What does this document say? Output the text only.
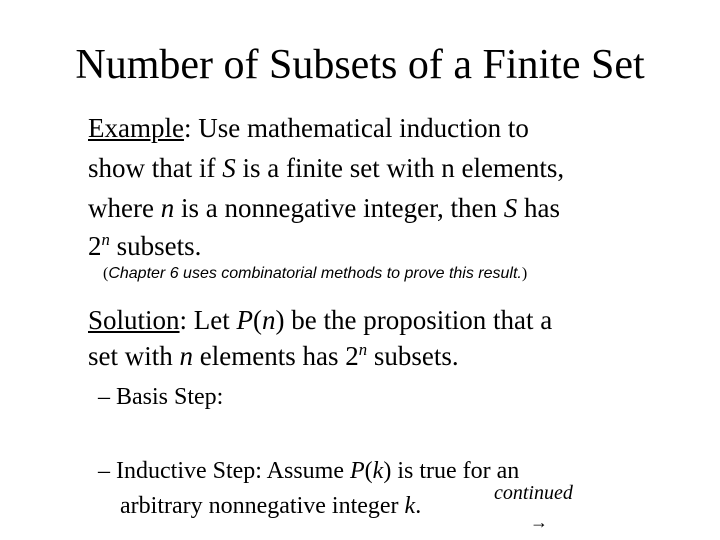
Number of Subsets of a Finite Set
Example: Use mathematical induction to
show that if S is a finite set with n elements,
where n is a nonnegative integer, then S has
2$^n$ subsets.
(Chapter 6 uses combinatorial methods to prove this result.)
Solution: Let P(n) be the proposition that a
set with n elements has 2$^n$ subsets.
– Basis Step:
– Inductive Step: Assume P(k) is true for an
arbitrary nonnegative integer k.	continued
→
